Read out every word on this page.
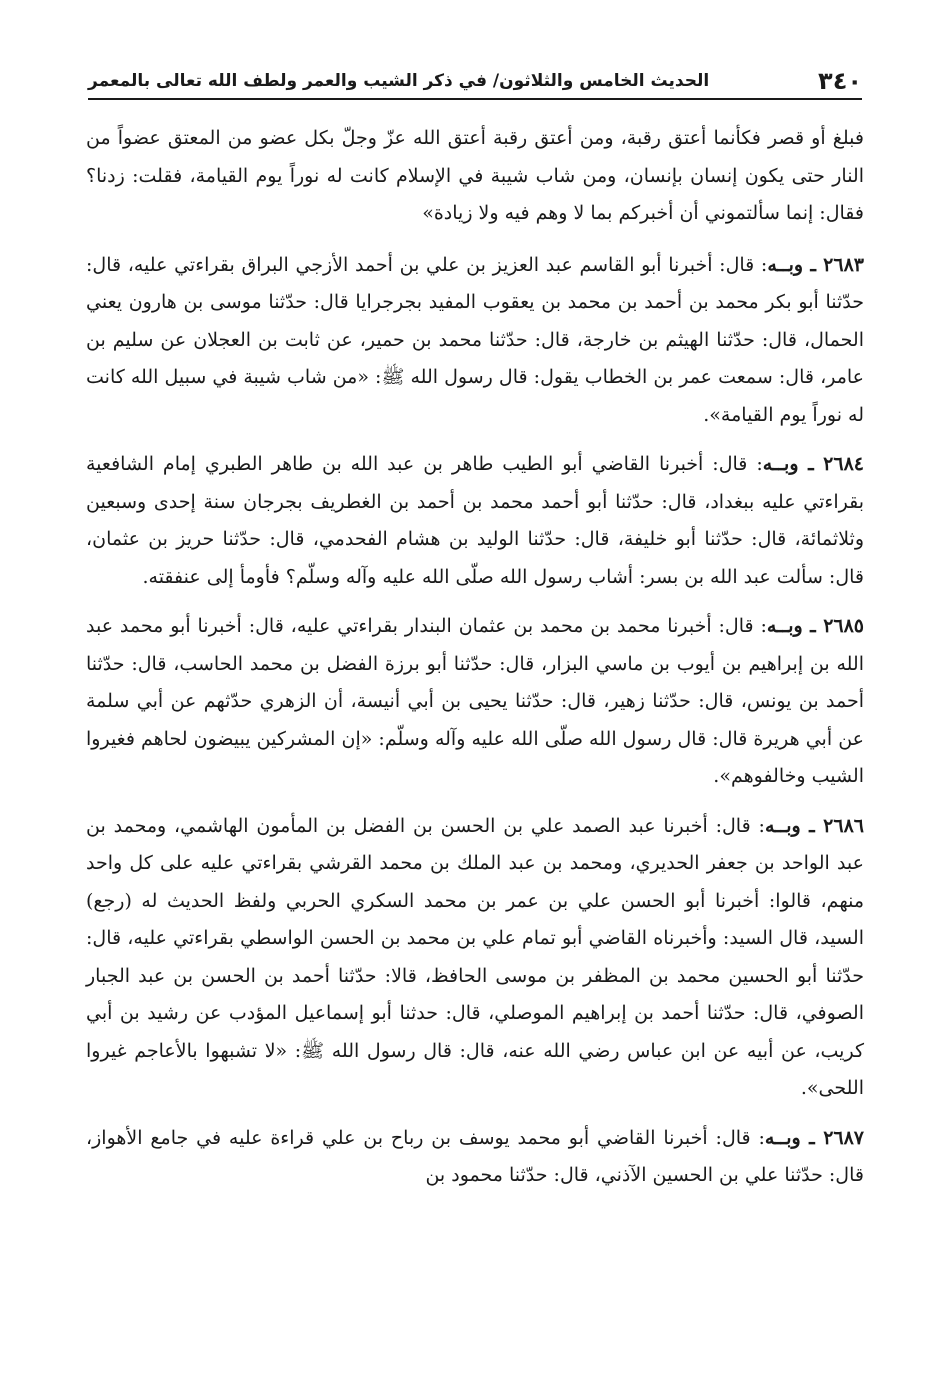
٣٤٠
الحديث الخامس والثلاثون/ في ذكر الشيب والعمر ولطف الله تعالى بالمعمر

فبلغ أو قصر فكأنما أعتق رقبة، ومن أعتق رقبة أعتق الله عزّ وجلّ بكل عضو من المعتق عضواً من النار حتى يكون إنسان بإنسان، ومن شاب شيبة في الإسلام كانت له نوراً يوم القيامة، فقلت: زدنا؟ فقال: إنما سألتموني أن أخبركم بما لا وهم فيه ولا زيادة»

٢٦٨٣ ـ وبــه: قال: أخبرنا أبو القاسم عبد العزيز بن علي بن أحمد الأزجي البراق بقراءتي عليه، قال: حدّثنا أبو بكر محمد بن أحمد بن محمد بن يعقوب المفيد بجرجرايا قال: حدّثنا موسى بن هارون يعني الحمال، قال: حدّثنا الهيثم بن خارجة، قال: حدّثنا محمد بن حمير، عن ثابت بن العجلان عن سليم بن عامر، قال: سمعت عمر بن الخطاب يقول: قال رسول الله ﷺ: «من شاب شيبة في سبيل الله كانت له نوراً يوم القيامة».

٢٦٨٤ ـ وبــه: قال: أخبرنا القاضي أبو الطيب طاهر بن عبد الله بن طاهر الطبري إمام الشافعية بقراءتي عليه ببغداد، قال: حدّثنا أبو أحمد محمد بن أحمد بن الغطريف بجرجان سنة إحدى وسبعين وثلاثمائة، قال: حدّثنا أبو خليفة، قال: حدّثنا الوليد بن هشام الفحدمي، قال: حدّثنا حريز بن عثمان، قال: سألت عبد الله بن بسر: أشاب رسول الله صلّى الله عليه وآله وسلّم؟ فأومأ إلى عنفقته.

٢٦٨٥ ـ وبــه: قال: أخبرنا محمد بن محمد بن عثمان البندار بقراءتي عليه، قال: أخبرنا أبو محمد عبد الله بن إبراهيم بن أيوب بن ماسي البزار، قال: حدّثنا أبو برزة الفضل بن محمد الحاسب، قال: حدّثنا أحمد بن يونس، قال: حدّثنا زهير، قال: حدّثنا يحيى بن أبي أنيسة، أن الزهري حدّثهم عن أبي سلمة عن أبي هريرة قال: قال رسول الله صلّى الله عليه وآله وسلّم: «إن المشركين يبيضون لحاهم فغيروا الشيب وخالفوهم».

٢٦٨٦ ـ وبــه: قال: أخبرنا عبد الصمد علي بن الحسن بن الفضل بن المأمون الهاشمي، ومحمد بن عبد الواحد بن جعفر الحديري، ومحمد بن عبد الملك بن محمد القرشي بقراءتي عليه على كل واحد منهم، قالوا: أخبرنا أبو الحسن علي بن عمر بن محمد السكري الحربي ولفظ الحديث له (رجع) السيد، قال السيد: وأخبرناه القاضي أبو تمام علي بن محمد بن الحسن الواسطي بقراءتي عليه، قال: حدّثنا أبو الحسين محمد بن المظفر بن موسى الحافظ، قالا: حدّثنا أحمد بن الحسن بن عبد الجبار الصوفي، قال: حدّثنا أحمد بن إبراهيم الموصلي، قال: حدثنا أبو إسماعيل المؤدب عن رشيد بن أبي كريب، عن أبيه عن ابن عباس رضي الله عنه، قال: قال رسول الله ﷺ: «لا تشبهوا بالأعاجم غيروا اللحى».

٢٦٨٧ ـ وبــه: قال: أخبرنا القاضي أبو محمد يوسف بن رباح بن علي قراءة عليه في جامع الأهواز، قال: حدّثنا علي بن الحسين الآذني، قال: حدّثنا محمود بن
